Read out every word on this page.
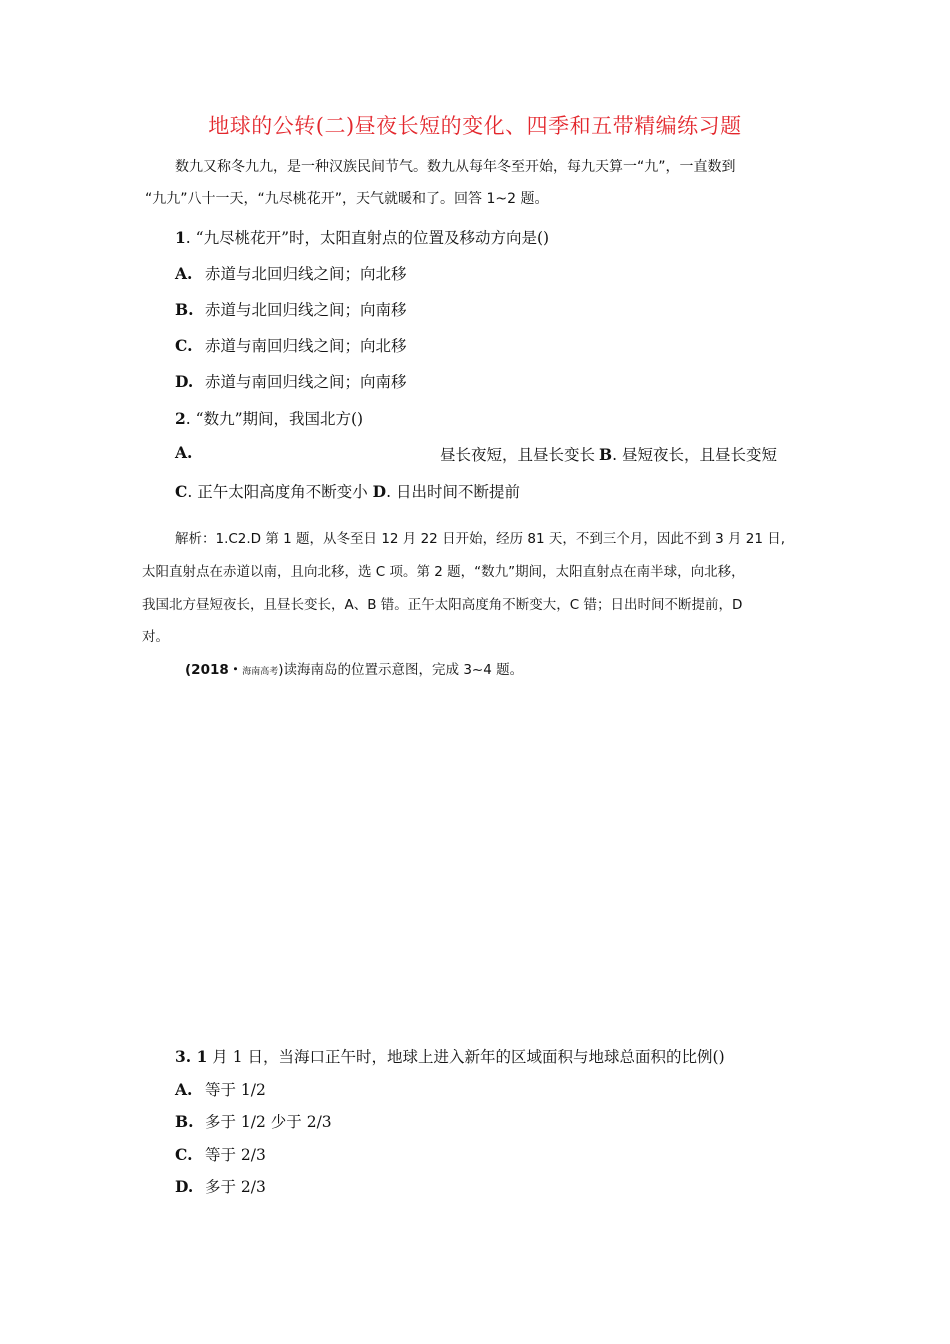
地球的公转(二)昼夜长短的变化、四季和五带精编练习题
数九又称冬九九，是一种汉族民间节气。数九从每年冬至开始，每九天算一“九”，一直数到
“九九”八十一天，“九尽桃花开”，天气就暖和了。回答 1~2 题。
1. “九尽桃花开”时，太阳直射点的位置及移动方向是()
A. 赤道与北回归线之间；向北移
B. 赤道与北回归线之间；向南移
C. 赤道与南回归线之间；向北移
D. 赤道与南回归线之间；向南移
2. “数九”期间，我国北方()
A.	昼长夜短，且昼长变长 B. 昼短夜长，且昼长变短
C. 正午太阳高度角不断变小 D. 日出时间不断提前
解析：1.C2.D 第 1 题，从冬至日 12 月 22 日开始，经历 81 天，不到三个月，因此不到 3 月 21 日,
太阳直射点在赤道以南，且向北移，选 C 项。第 2 题，“数九”期间，太阳直射点在南半球，向北移，
我国北方昼短夜长，且昼长变长，A、B 错。正午太阳高度角不断变大，C 错；日出时间不断提前，D
对。
(2018・海南高考)读海南岛的位置示意图，完成 3~4 题。
3. 1 月 1 日，当海口正午时，地球上进入新年的区域面积与地球总面积的比例()
A. 等于 1/2
B. 多于 1/2 少于 2/3
C. 等于 2/3
D. 多于 2/3
